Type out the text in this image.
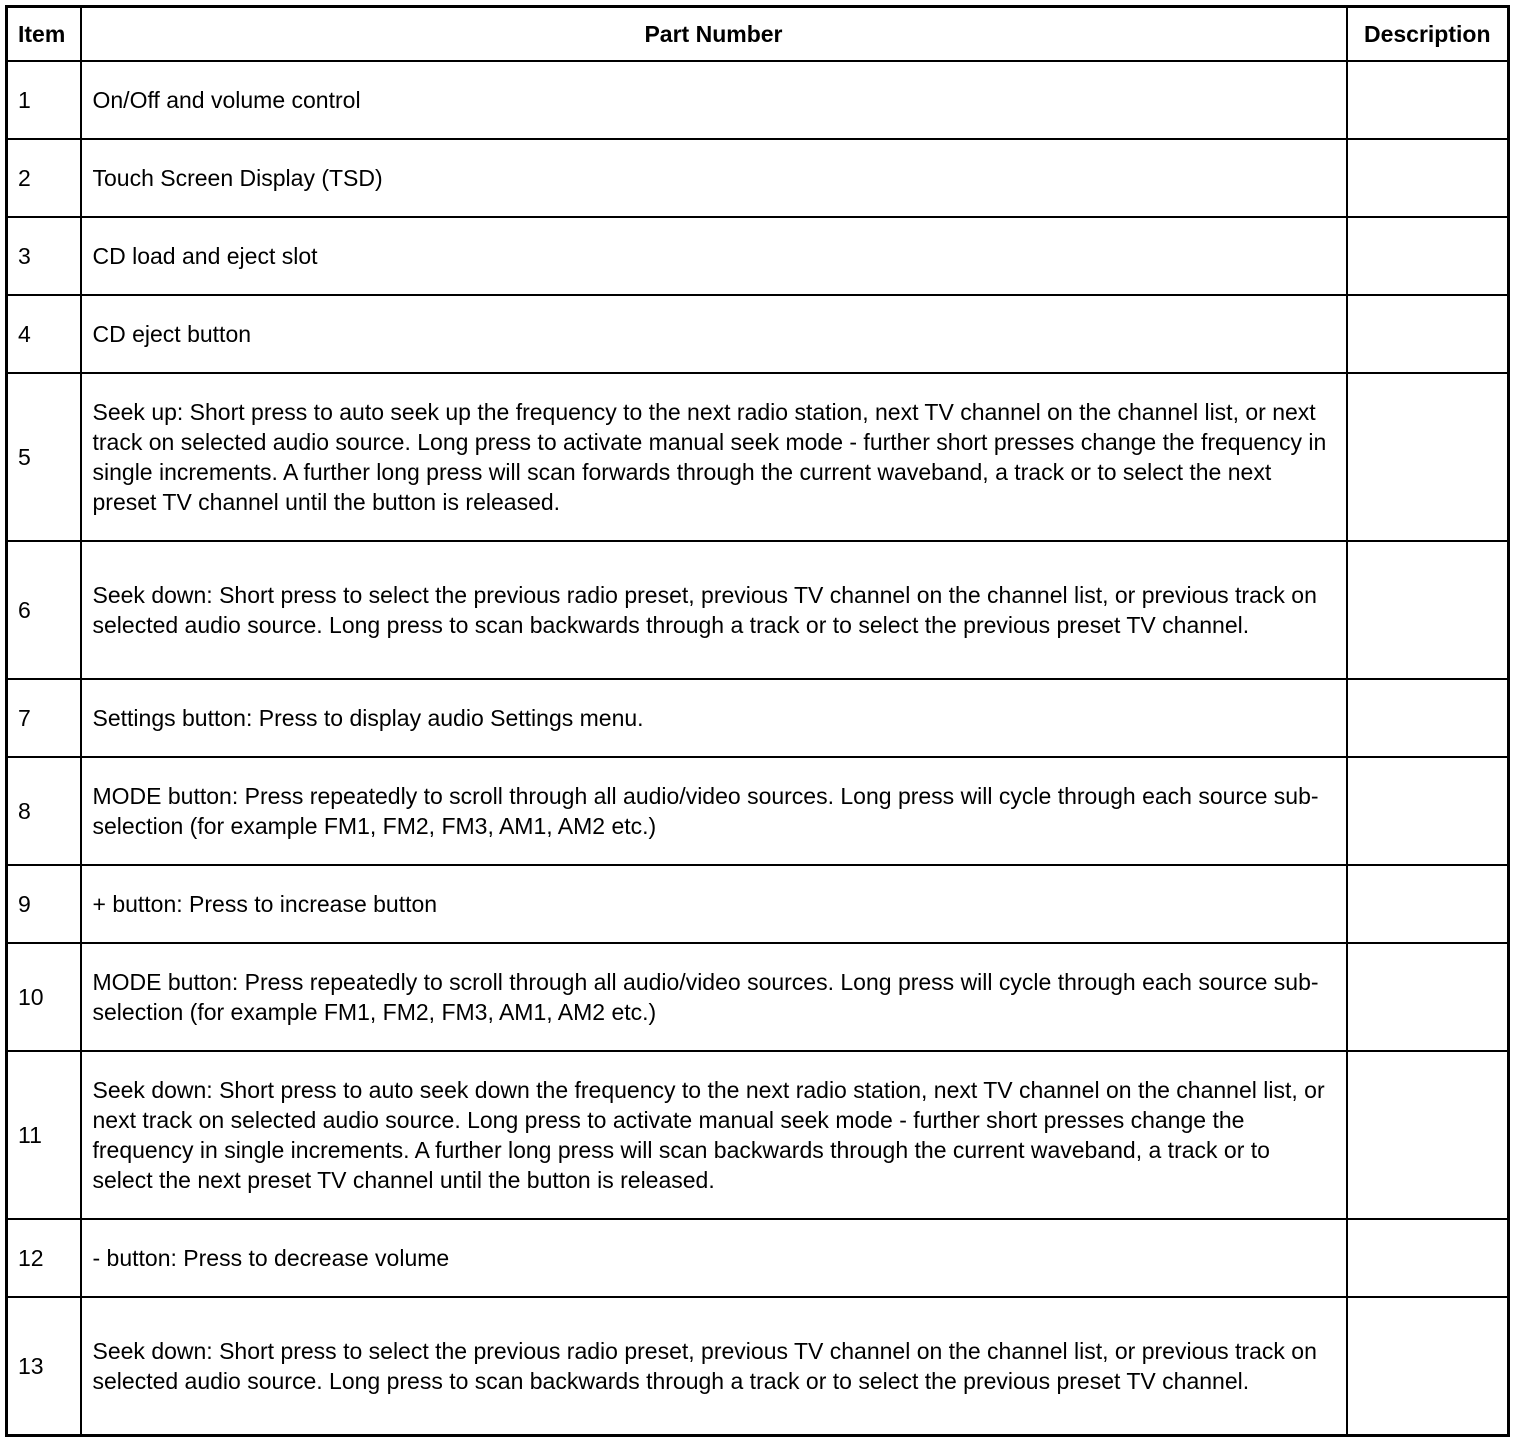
Item	Part Number	Description
1	On/Off and volume control	
2	Touch Screen Display (TSD)	
3	CD load and eject slot	
4	CD eject button	
5	Seek up: Short press to auto seek up the frequency to the next radio station, next TV channel on the channel list, or next track on selected audio source. Long press to activate manual seek mode - further short presses change the frequency in single increments. A further long press will scan forwards through the current waveband, a track or to select the next preset TV channel until the button is released.	
6	Seek down: Short press to select the previous radio preset, previous TV channel on the channel list, or previous track on selected audio source. Long press to scan backwards through a track or to select the previous preset TV channel.	
7	Settings button: Press to display audio Settings menu.	
8	MODE button: Press repeatedly to scroll through all audio/video sources. Long press will cycle through each source sub-selection (for example FM1, FM2, FM3, AM1, AM2 etc.)	
9	+ button: Press to increase button	
10	MODE button: Press repeatedly to scroll through all audio/video sources. Long press will cycle through each source sub-selection (for example FM1, FM2, FM3, AM1, AM2 etc.)	
11	Seek down: Short press to auto seek down the frequency to the next radio station, next TV channel on the channel list, or next track on selected audio source. Long press to activate manual seek mode - further short presses change the frequency in single increments. A further long press will scan backwards through the current waveband, a track or to select the next preset TV channel until the button is released.	
12	- button: Press to decrease volume	
13	Seek down: Short press to select the previous radio preset, previous TV channel on the channel list, or previous track on selected audio source. Long press to scan backwards through a track or to select the previous preset TV channel.	
